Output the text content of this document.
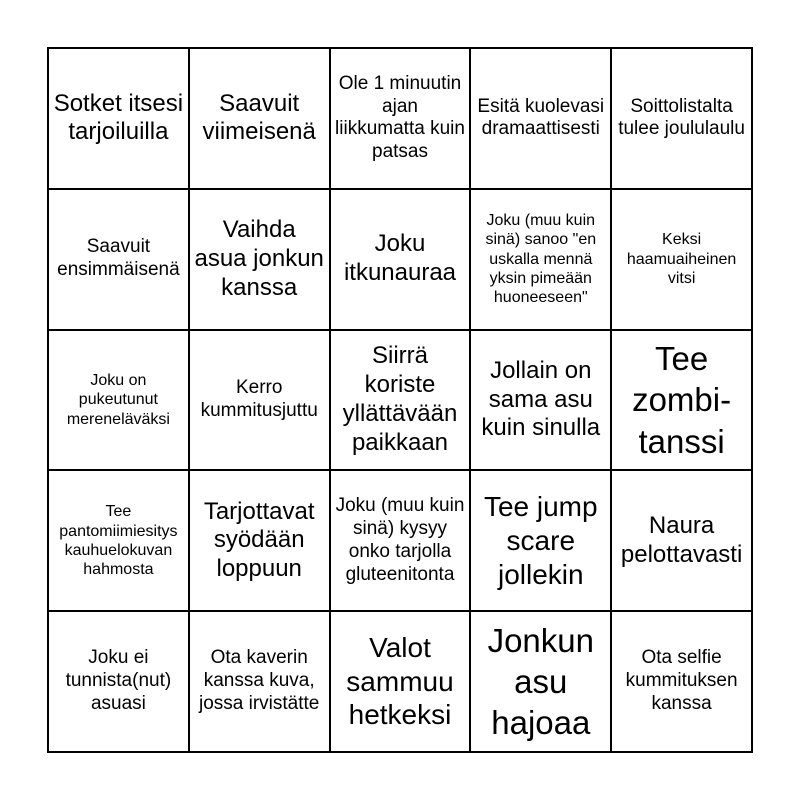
Sotket itsesi tarjoiluilla
Saavuit viimeisenä
Ole 1 minuutin ajan liikkumatta kuin patsas
Esitä kuolevasi dramaattisesti
Soittolistalta tulee joululaulu
Saavuit ensimmäisenä
Vaihda asua jonkun kanssa
Joku itkunauraa
Joku (muu kuin sinä) sanoo "en uskalla mennä yksin pimeään huoneeseen"
Keksi haamuaiheinen vitsi
Joku on pukeutunut mereneläväksi
Kerro kummitusjuttu
Siirrä koriste yllättävään paikkaan
Jollain on sama asu kuin sinulla
Tee zombi-tanssi
Tee pantomiimiesitys kauhuelokuvan hahmosta
Tarjottavat syödään loppuun
Joku (muu kuin sinä) kysyy onko tarjolla gluteenitonta
Tee jump scare jollekin
Naura pelottavasti
Joku ei tunnista(nut) asuasi
Ota kaverin kanssa kuva, jossa irvistätte
Valot sammuu hetkeksi
Jonkun asu hajoaa
Ota selfie kummituksen kanssa
